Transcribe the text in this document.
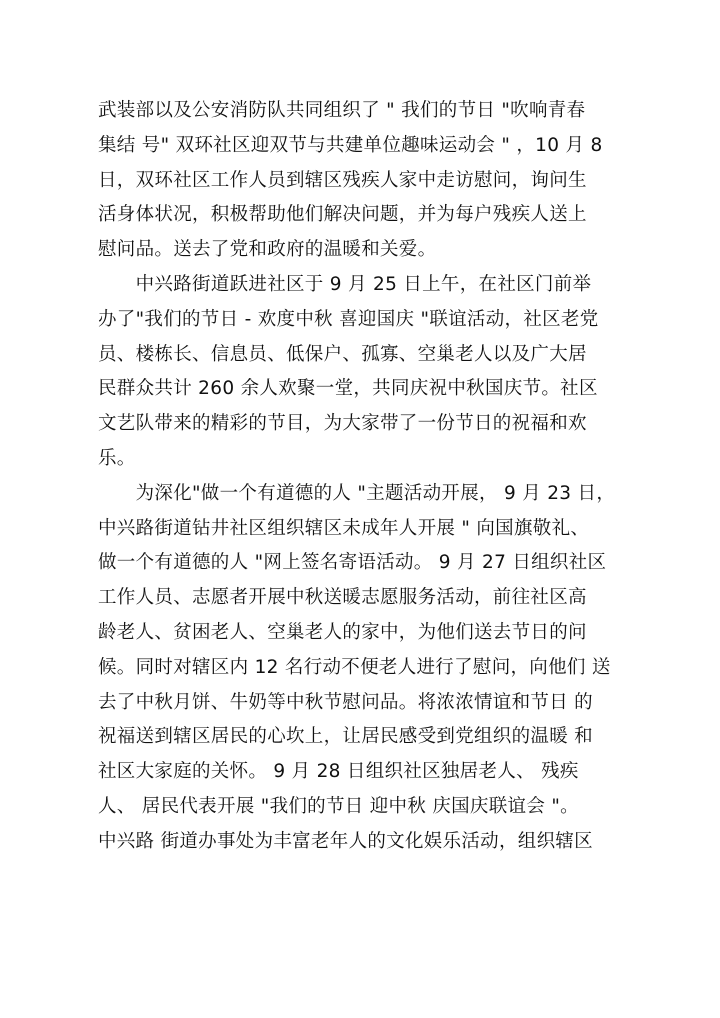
武装部以及公安消防队共同组织了 " 我们的节日 "吹响青春
集结 号" 双环社区迎双节与共建单位趣味运动会 " ，10 月 8
日，双环社区工作人员到辖区残疾人家中走访慰问，询问生
活身体状况，积极帮助他们解决问题，并为每户残疾人送上
慰问品。送去了党和政府的温暖和关爱。
　　中兴路街道跃进社区于 9 月 25 日上午，在社区门前举
办了"我们的节日 - 欢度中秋 喜迎国庆 "联谊活动，社区老党
员、楼栋长、信息员、低保户、孤寡、空巢老人以及广大居
民群众共计 260 余人欢聚一堂，共同庆祝中秋国庆节。社区
文艺队带来的精彩的节目，为大家带了一份节日的祝福和欢
乐。
　　为深化"做一个有道德的人 "主题活动开展， 9 月 23 日，
中兴路街道钻井社区组织辖区未成年人开展 " 向国旗敬礼、
做一个有道德的人 "网上签名寄语活动。 9 月 27 日组织社区
工作人员、志愿者开展中秋送暖志愿服务活动，前往社区高
龄老人、贫困老人、空巢老人的家中，为他们送去节日的问
候。同时对辖区内 12 名行动不便老人进行了慰问，向他们 送
去了中秋月饼、牛奶等中秋节慰问品。将浓浓情谊和节日 的
祝福送到辖区居民的心坎上，让居民感受到党组织的温暖 和
社区大家庭的关怀。 9 月 28 日组织社区独居老人、 残疾
人、 居民代表开展 "我们的节日 迎中秋 庆国庆联谊会 "。
中兴路 街道办事处为丰富老年人的文化娱乐活动，组织辖区
